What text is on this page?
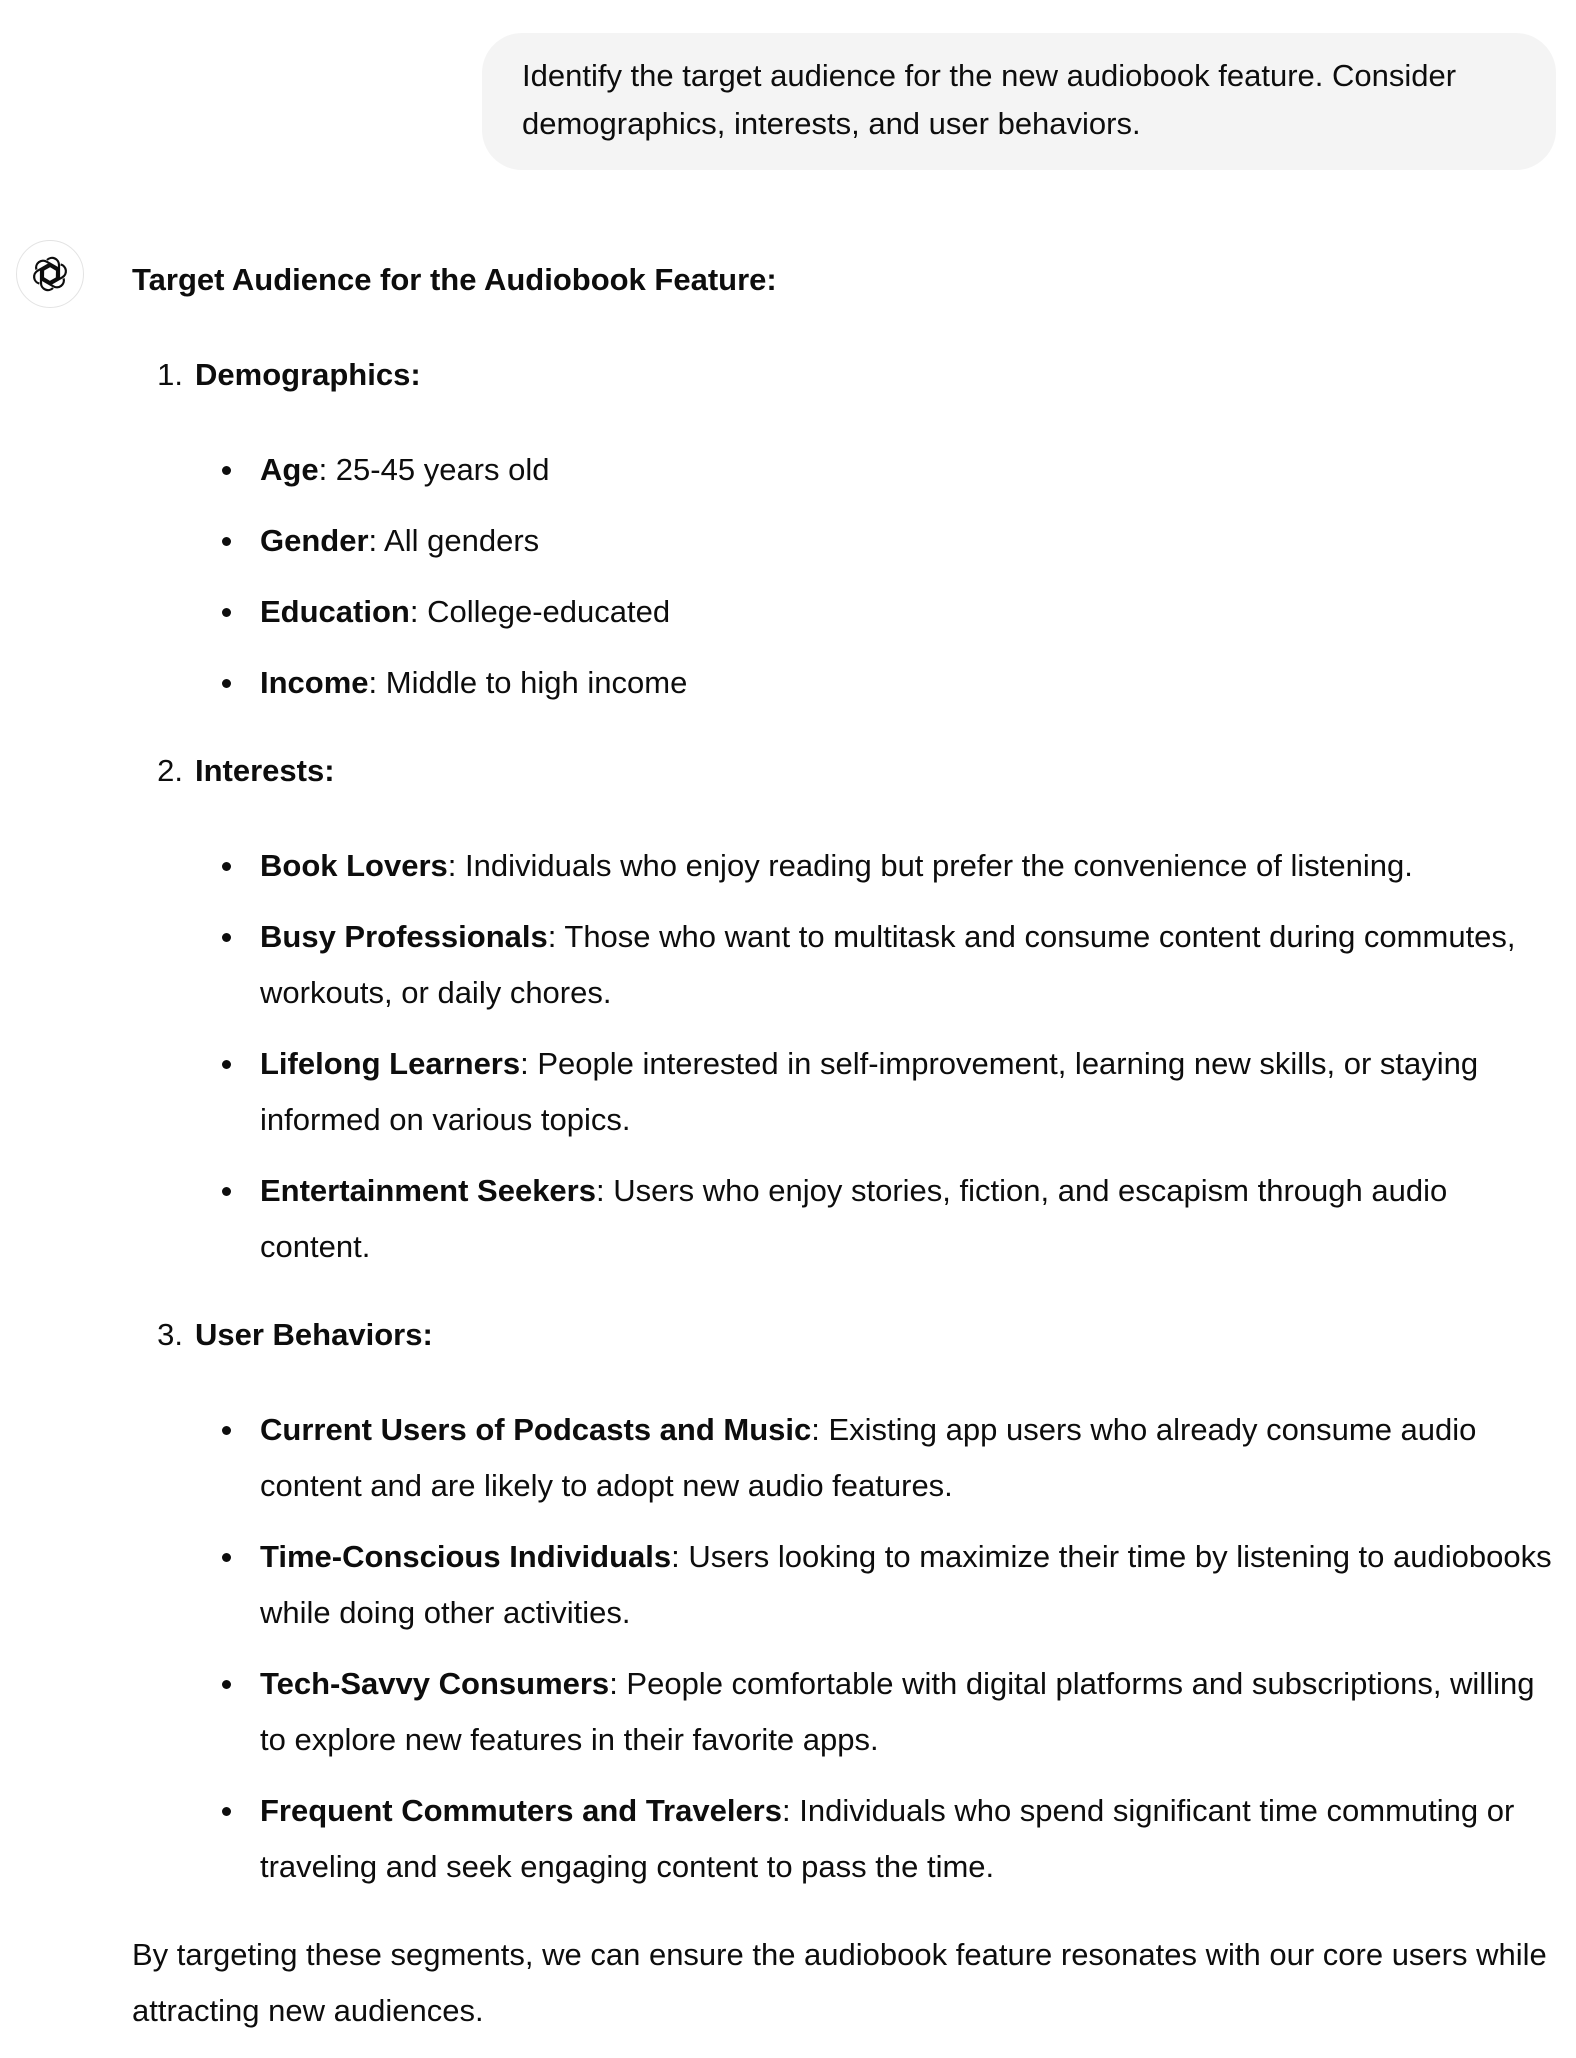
Identify the target audience for the new audiobook feature. Consider demographics, interests, and user behaviors.

Target Audience for the Audiobook Feature:

1. Demographics:
Age: 25-45 years old
Gender: All genders
Education: College-educated
Income: Middle to high income
2. Interests:
Book Lovers: Individuals who enjoy reading but prefer the convenience of listening.
Busy Professionals: Those who want to multitask and consume content during commutes, workouts, or daily chores.
Lifelong Learners: People interested in self-improvement, learning new skills, or staying informed on various topics.
Entertainment Seekers: Users who enjoy stories, fiction, and escapism through audio content.
3. User Behaviors:
Current Users of Podcasts and Music: Existing app users who already consume audio content and are likely to adopt new audio features.
Time-Conscious Individuals: Users looking to maximize their time by listening to audiobooks while doing other activities.
Tech-Savvy Consumers: People comfortable with digital platforms and subscriptions, willing to explore new features in their favorite apps.
Frequent Commuters and Travelers: Individuals who spend significant time commuting or traveling and seek engaging content to pass the time.

By targeting these segments, we can ensure the audiobook feature resonates with our core users while attracting new audiences.
